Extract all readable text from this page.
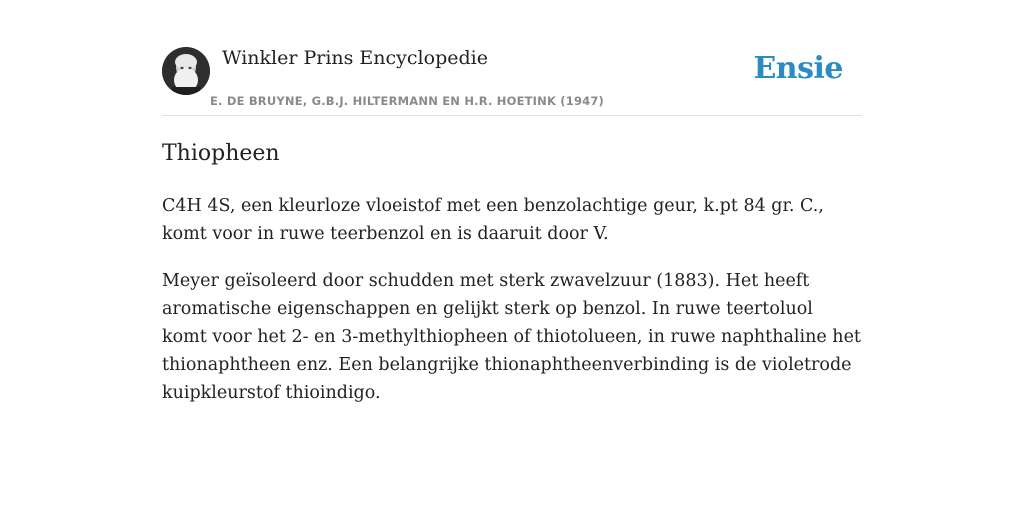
Winkler Prins Encyclopedie
E. DE BRUYNE, G.B.J. HILTERMANN EN H.R. HOETINK (1947)
Ensie
Thiopheen

C4H 4S, een kleurloze vloeistof met een benzolachtige geur, k.pt 84 gr. C., komt voor in ruwe teerbenzol en is daaruit door V.

Meyer geïsoleerd door schudden met sterk zwavelzuur (1883). Het heeft aromatische eigenschappen en gelijkt sterk op benzol. In ruwe teertoluol komt voor het 2- en 3-methylthiopheen of thiotolueen, in ruwe naphthaline het thionaphtheen enz. Een belangrijke thionaphtheenverbinding is de violetrode kuipkleurstof thioindigo.
